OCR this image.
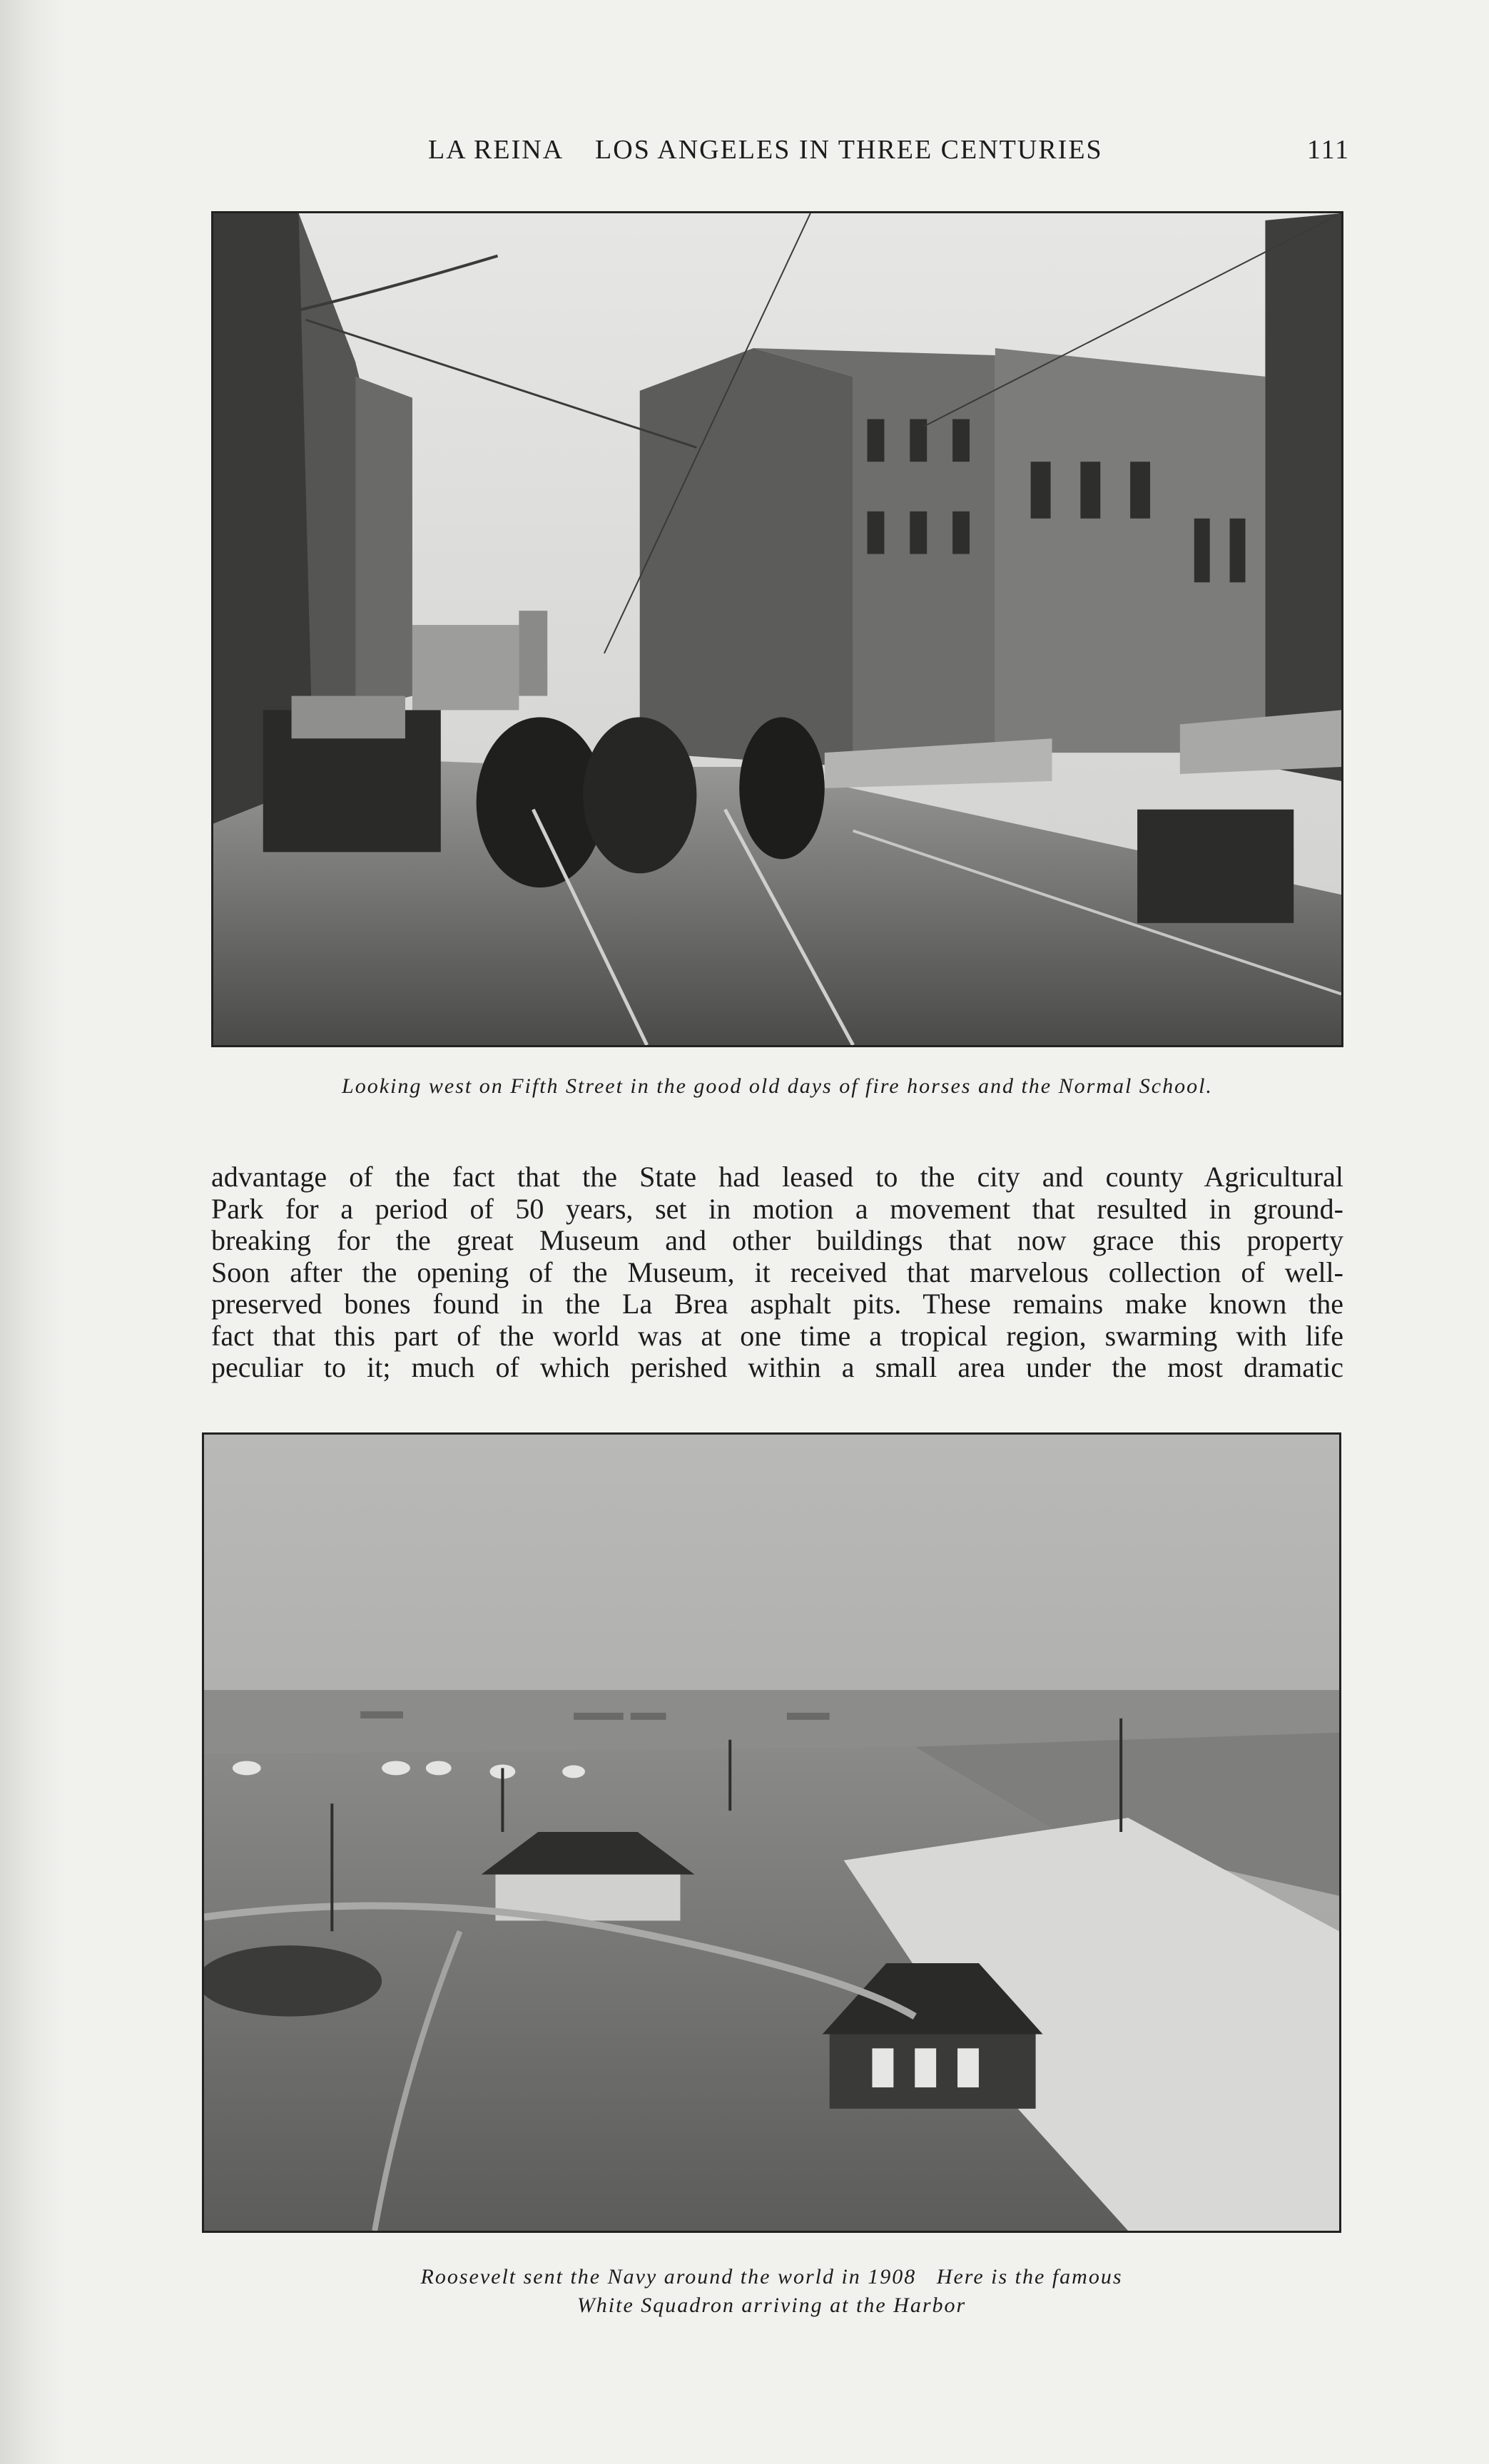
LA REINA    LOS ANGELES IN THREE CENTURIES	111
Looking west on Fifth Street in the good old days of fire horses and the Normal School.
advantage of the fact that the State had leased to the city and county Agricultural
Park for a period of 50 years, set in motion a movement that resulted in ground-
breaking for the great Museum and other buildings that now grace this property
Soon after the opening of the Museum, it received that marvelous collection of well-
preserved bones found in the La Brea asphalt pits. These remains make known the
fact that this part of the world was at one time a tropical region, swarming with life
peculiar to it; much of which perished within a small area under the most dramatic
Roosevelt sent the Navy around the world in 1908   Here is the famous
White Squadron arriving at the Harbor
